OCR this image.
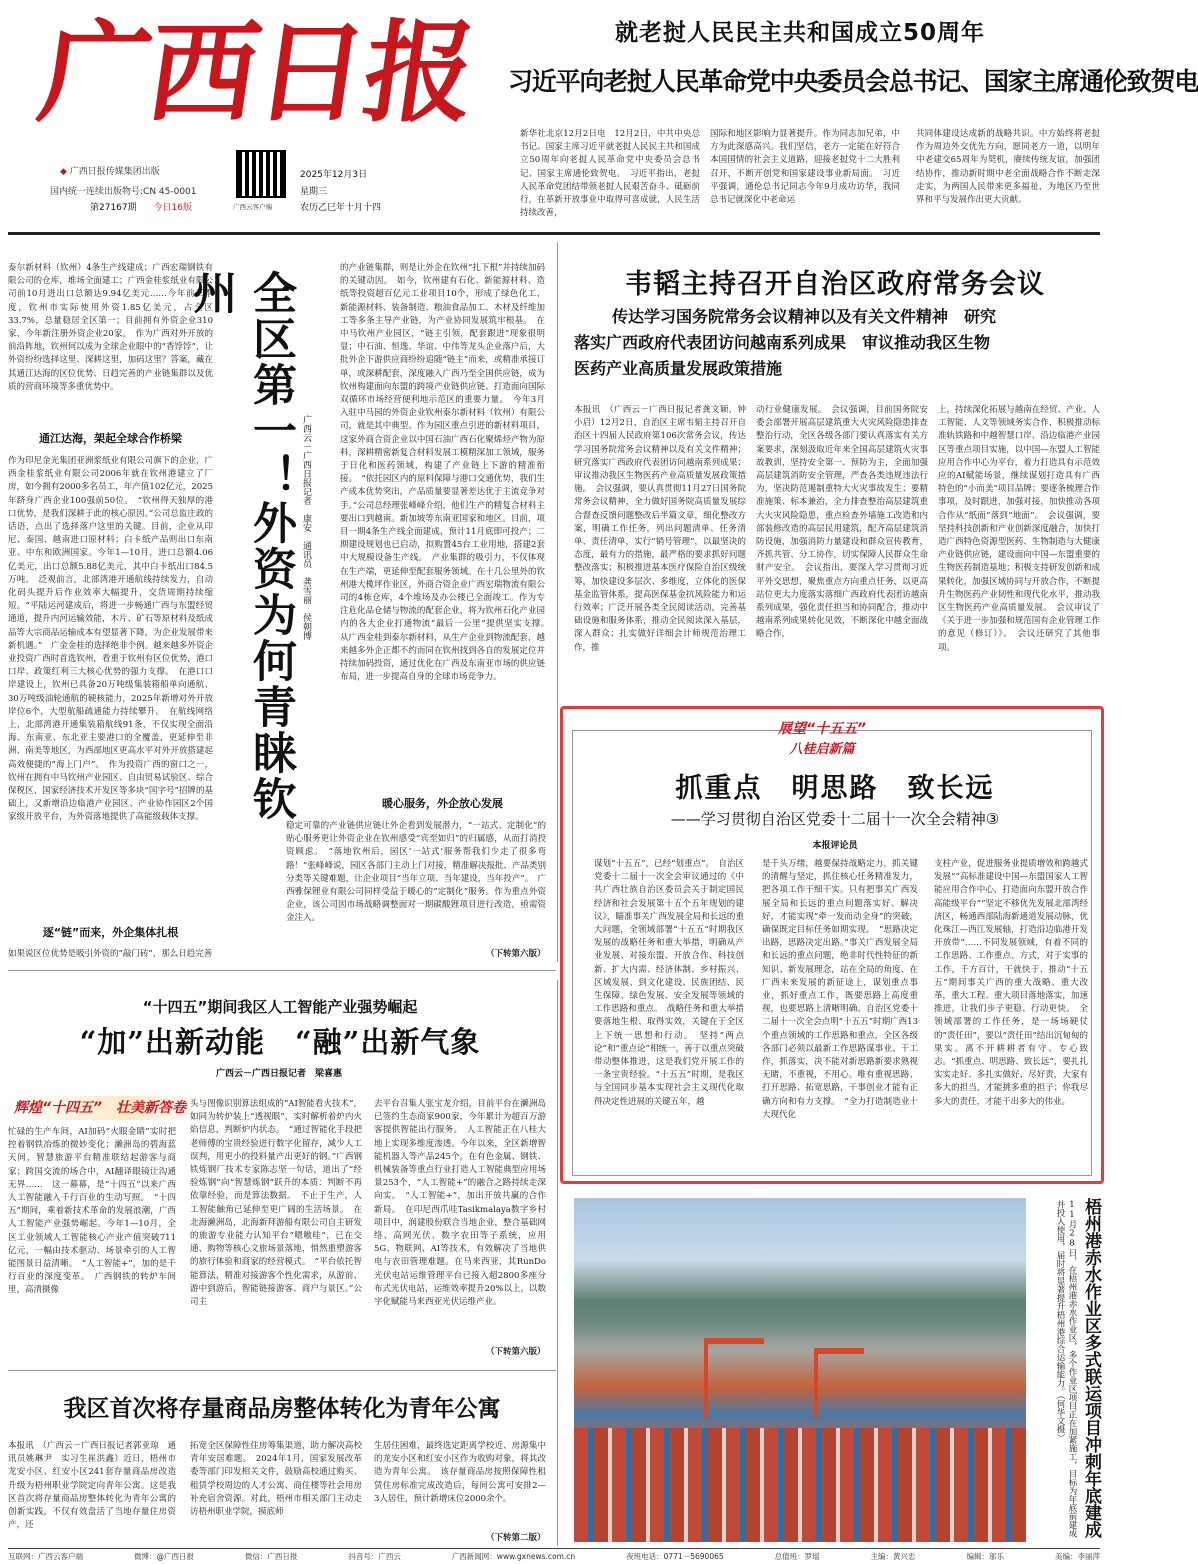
广西日报
◆ 广西日报传媒集团出版
国内统一连续出版物号:CN 45-0001
第27167期 今日16版	广西云客户端
2025年12月3日
星期三
农历乙巳年十月十四
就老挝人民民主共和国成立50周年
习近平向老挝人民革命党中央委员会总书记、国家主席通伦致贺电
新华社北京12月2日电　12月2日，中共中央总书记、国家主席习近平就老挝人民民主共和国成立50周年向老挝人民革命党中央委员会总书记、国家主席通伦致贺电。　习近平指出，老挝人民革命党团结带领老挝人民艰苦奋斗、砥砺前行，在革新开放事业中取得可喜成就，人民生活持续改善，
国际和地区影响力显著提升。作为同志加兄弟，中方为此深感高兴。我们坚信，老方一定能在好符合本国国情的社会主义道路，迎接老挝党十二大胜利召开，不断开创党和国家建设事业新局面。　习近平强调，通伦总书记同志今年9月成功访华，我同总书记就深化中老命运
共同体建设达成新的战略共识。中方始终将老挝作为周边外交优先方向，愿同老方一道，以明年中老建交65周年为契机，赓续传统友谊，加强团结协作，推动新时期中老全面战略合作不断走深走实，为两国人民带来更多福祉，为地区乃至世界和平与发展作出更大贡献。
泰尔新材料（钦州）4条生产线建成；广西宏瑞钢铁有限公司的仓库，堆场全面建工；广西金桂浆纸业有限公司前10月进出口总额达9.94亿美元……今年前三季度，钦州市实际使用外资1.85亿美元，占全区33.7%，总量稳居全区第一；目前拥有外资企业310家，今年新注册外资企业20家。　作为广西对外开放的前沿阵地，钦州何以成为全球企业眼中的“香饽饽”，让外资纷纷选择这里、深耕这里，加码这里？答案，藏在其通江达海的区位优势、日趋完善的产业链集群以及优质的营商环境等多重优势中。
通江达海，架起全球合作桥梁
作为印尼金光集团亚洲浆纸业有限公司旗下的企业，广西金桂浆纸业有限公司2006年就在钦州港建立了厂房，如今拥有2000多名员工，年产值102亿元，2025年跻身广西企业100强前50位。　“钦州得天独厚的港口优势，是我们深耕于此的核心原因。”公司总监庄政的话语，点出了选择落户这里的关键。目前，企业从印尼、泰国、越南进口原材料；白卡纸产品则出口东南亚、中东和欧洲国家。今年1—10月，进口总额4.06亿美元，出口总额5.88亿美元，其中白卡纸出口84.5万吨。　泛观前言，北部湾港开通航线持续发力，自动化码头提升后作业效率大幅提升，交货周期持续缩短。“平陆运河建成后，将进一步畅通广西与东盟经贸通道，提升内河运输效能，木片、矿石等原材料及纸成品等大宗商品运输成本有望显著下降，为企业发展带来新机遇。”　广金金桂的选择绝非个例。越来越多外资企业投资广西时首选钦州，看重于钦州有区位优势，港口口岸、政策红利三大核心优势的强力支撑。　在港口口岸建设上，钦州已具备20万吨级集装箱船单向通航、30万吨级油轮通航的硬核能力，2025年新增对外开放岸位6个，大型航船疏通能力持续攀升。　在航线网络上，北部湾港开通集装箱航线91条，不仅实现全面沿海、东南亚、东北亚主要港口的全覆盖，更延伸至非洲、南美等地区，为西部地区更高水平对外开放搭建起高效便捷的“海上门户”。　作为投资广西的窗口之一，钦州在拥有中马钦州产业园区、自由贸易试验区、综合保税区、国家经济技术开发区等多块“国字号”招牌的基础上，又新增沿边临港产业园区、产业协作园区2个国家级开放平台，为外资落地提供了高能级载体支撑。
逐“链”而来，外企集体扎根
如果说区位优势是吸引外资的“敲门砖”，那么日趋完善
全区第一！外资为何青睐钦州
广西云－广西日报记者　康安　通讯员　龚雪丽　侯朝博
的产业链集群，则是让外企在钦州“扎下根”并持续加码的关键动因。　如今，钦州建有石化、新能源材料、造纸等投资超百亿元工业项目10个，形成了绿色化工、新能源材料、装备制造、粮油食品加工、木材及纤维加工等多条主导产业链，为产业协同发展筑牢根基。　在中马钦州产业园区，“链主引领，配套跟进”现象很明显；中石油、恒逸、华谊、中伟等龙头企业落户后，大批外企下游供应商纷纷追随“链主”而来，或精准承接订单，或深耕配套，深度融入广西乃至全国供应链，成为钦州构建面向东盟的跨境产业链供应链、打造面向国际双循环市场经营便利地示范区的重要力量。　今年3月入驻中马园的外资企业钦州泰尔新材料（钦州）有限公司，就是其中典型。作为园区重点引进的新材料项目，这家外商合资企业以中国石油广西石化聚烯烃产物为原料，深耕精密新复合材料发展工模精深加工领域，服务于日化和医药领域，构建了产业链上下游的精准衔接。　“依托园区内的原料保障与港口交通优势，我们生产成本优势突出，产品质量要显著差达优于主流竞争对手。”公司总经理张峰峰介绍，他们生产的精复合材料主要出口到越南。新加坡等东南亚国家和地区。目前，项目一期4条生产线全面建成，预计11月底即可投产；二期建设规划也已启动，拟购置45台工业用地，搭建2套中大规模设备生产线。　产业集群的吸引力，不仅体现在生产端，更延伸至配套服务领域。在十几公里外的钦州港大榄坪作业区，外商合资企业广西宏瑞物流有限公司的4栋仓库，4个堆场及办公楼已全面竣工。作为专注危化品仓储与物流的配套企业，将为钦州石化产业园内的各大企业打通物流“最后一公里”提供坚实支撑。　从广西金桂到泰尔新材料，从生产企业到物流配套，越来越多外企正都不约而同在钦州找到各自的发展定位并持续加码投资，通过优化在广西及东南亚市场的供应链布局，进一步提高自身的全球市场竞争力。
暖心服务，外企放心发展
稳定可靠的产业链供应链让外企看到发展潜力，“一站式、定制化”的贴心服务更让外资企业在钦州感受“宾至如归”的归属感，从而打消投资顾虑。　“落地钦州后，园区‘一站式’服务帮我们少走了很多弯路！”张峰峰说，园区各部门主动上门对接，精准解决报批、产品类别分类等关键难题，让企业项目“当年立项、当年建设，当年投产”。　广西雅保锂业有限公司同样受益于暖心的“定制化”服务。作为重点外资企业，该公司因市场战略调整面对一期碳酸锂项目进行改造，亟需资金注入。
（下转第六版）
韦韬主持召开自治区政府常务会议
传达学习国务院常务会议精神以及有关文件精神　研究
落实广西政府代表团访问越南系列成果　审议推动我区生物
医药产业高质量发展政策措施
本报讯　（广西云－广西日报记者龚文颖、钟小启）12月2日，自治区主席韦韬主持召开自治区十四届人民政府第106次常务会议，传达学习国务院常务会议精神以及有关文件精神；研究落实广西政府代表团访问越南系列成果；审议推动我区生物医药产业高质量发展政策措施。　会议强调，要认真贯彻11月27日国务院常务会议精神，全力做好国务院高质量发展综合督查反馈问题整改后半篇文章，细化整改方案，明确工作任务，列出问题清单、任务清单、责任清单，实行“销号管理”，以最坚决的态度，最有力的措施，最严格的要求抓好问题整改落实；积极推进基本医疗保险自治区级统筹，加快建设多层次、多维度，立体化的医保基金监管体系，提高医保基金抗风险能力和运行效率；广泛开展各类全民阅读活动，完善基础设施和服务体系，推动全民阅读深入基层，深入群众；扎实做好详细会计师规范治理工作，推
动行业健康发展。　会议强调，目前国务院安委会部署开展高层建筑重大火灾风险隐患排查整治行动，全区各级各部门要认真落实有关方案要求，深刻汲取近年来全国高层建筑火灾事故教训，坚持安全第一、预防为主，全面加强高层建筑消防安全管理，严查各类违规违法行为，坚决防范遏制重特大火灾事故发生；要精准施策、标本兼治，全力排查整治高层建筑重大火灾风险隐患，重点检查外墙施工改造和内部装修改造的高层民用建筑，配齐高层建筑消防设施，加强消防力量建设和群众宣传教育，齐抓共管、分工协作，切实保障人民群众生命财产安全。　会议指出，要深入学习贯彻习近平外交思想，聚焦重点方向重点任务，以更高站位更大力度落实落细广西政府代表团访越南系列成果，强化责任担当和协同配合，推动中越南系列成果转化见效，不断深化中越全面战略合作，
上，持续深化拓展与越南在经贸、产业、人工智能、人文等领域务实合作，积极推动标准轨铁路和中越智慧口岸、沿边临港产业园区等重点项目实施，以中国—东盟人工智能应用合作中心为平台，着力打造具有示范效应的AI赋能场景，继续谋划打造具有广西特色的“小而美”项目品牌；要逐条梳理合作事项，及时跟进，加强对接，加快推动各项合作从“纸面”落到“地面”。　会议强调，要坚持科技创新和产业创新深度融合，加快打造广西特色资源型医药、生物制造与大健康产业链供应链，建设面向中国—东盟重要的生物医药制造基地；积极支持研发创新和成果转化，加强区域协同与开放合作，不断提升生物医药产业韧性和现代化水平，推动我区生物医药产业高质量发展。　会议审议了《关于进一步加强和规范国有企业管理工作的意见（修订）》。　会议还研究了其他事项。
展望“十五五”
八桂启新篇
抓重点　明思路　致长远
——学习贯彻自治区党委十二届十一次全会精神③
本报评论员
谋划“十五五”，已经“划重点”。　自治区党委十二届十一次全会审议通过的《中共广西壮族自治区委员会关于制定国民经济和社会发展第十五个五年规划的建议》，瞄准事关广西发展全局和长远的重大问题，全领域部署“十五五”时期我区发展的战略任务和重大举措，明确从产业发展、对接东盟、开放合作、科技创新、扩大内需、经济体制、乡村振兴、区域发展、到文化建设、民族团结、民生保障、绿色发展、安全发展等领域的工作思路和重点。　战略任务和重大举措要落地生根、取得实效，关键在于全区上下统一思想和行动。　坚持“两点论”和“重点论”相统一，善于以重点突破带动整体推进，这是我们党开展工作的一条宝贵经验。“十五五”时期，是我区与全国同步基本实现社会主义现代化取得决定性进展的关键五年，越
是千头万绪，越要保持战略定力，抓关键的清醒与坚定，抓住核心任务精准发力，把各项工作干细干实。只有把事关广西发展全局和长远的重点问题落实好、解决好，才能实现“牵一发而动全身”的突破，确保既定目标任务如期实现。　“思路决定出路，思路决定出路。”事关广西发展全局和长远的重点问题，绝非时代性特征的新知识、新发展理念，站在全局的角度、在广西未来发展的新征途上，谋划重点事业，抓好重点工作，既要思路上高度重视，也要思路上清晰明确。自治区党委十二届十一次全会点明“十五五”时期广西13个重点领域的工作思路和重点，全区各级各部门必须以最新工作思路谋事业、干工作，抓落实，决不能对新思路新要求熟视无睹，不重视，不用心。唯有重视思路、打开思路、拓宽思路，干事创业才能有正确方向和有力支撑。　“全力打造制造业十大现代化
支柱产业，促进服务业提质增效和跨越式发展”“高标准建设中国—东盟国家人工智能应用合作中心，打造面向东盟开放合作高能级平台”“坚定不移优先发展北部湾经济区，畅通西部陆海新通道发展动脉，优化珠江—西江发展轴，打造沿边临港开发开放带”……不同发展领域，有着不同的工作思路、工作重点、方式，对于实事的工作，千方百计，干就快于、推动“十五五”期间事关广西的重大战略、重大改革，重大工程、重大项目落地落实，加速推进，让我们步子更稳、行动更快。　全领域部署的工作任务，是一场场硬仗的“责任田”，要以“责任田”结出沉甸甸的果实。离不开耕耕者有守、专心致志。“抓重点、明思路、致长远”，要扎扎实实走好、多扎实做好、尽好责，大家有多大的担当，才能挑多重的担子；你我尽多大的责任，才能干出多大的伟业。
“十四五”期间我区人工智能产业强势崛起
“加”出新动能　“融”出新气象
广西云－广西日报记者　梁喜惠
辉煌“十四五”　壮美新答卷
忙碌的生产车间，AI加码“火眼金睛”实时把控着钢铁冶炼的微妙变化；濑洲岛的碧海蓝天间，智慧旅游平台精准联结起游客与商家；跨国交流的场合中，AI翻译眼镜让沟通无界……　这一幕幕，是“十四五”以来广西人工智能融入千行百业的生动写照。　“十四五”期间，乘着新技术革命的发展浪潮，广西人工智能产业强势崛起。今年1—10月，全区工业领域人工智能核心产业产值突破711亿元，一幅由技术驱动、场景牵引的人工智能图景日益清晰。　“人工智能+”，加的是千行百业的深度变革。　广西钢铁的转炉车间里，高清摄像
头与图像识别算法组成的“AI智能看火技术”，如同为转炉装上“透视眼”，实时解析着炉内火焰信息，判断炉内状态。　“通过智能化手段把老师傅的宝贵经验进行数字化留存，减少人工误判，用更小的投料量产出更好的钢。”广西钢铁炼钢厂技术专家陈志坚一句话，道出了“经验炼钢”向“智慧炼钢”跃升的本质：判断不再依靠经验，而是算法数据。　不止于生产，人工智能触角已延伸至更广阔的生活场景。　在北海濑洲岛，北海新拜游船有限公司自主研发的旅游专业能力认知平台“嗯嗷哇”，已在交通、购物等核心文旅场景落地，悄然重塑游客的旅行体验和商家的经营模式。　“平台依托智能算法，精准对接游客个性化需求，从游前、游中到游后，智能链接游客、商户与景区。”公司主
去平台召集人张宝龙介绍，目前平台在濑洲岛已签约生态商家900家，今年累计为超百万游客提供智能出行服务。　人工智能正在八桂大地上实现多维度渗透。今年以来，全区新增智能机器人等产品245个，在有色金属、钢铁、机械装备等重点行业打造人工智能典型应用场景253个，“人工智能+”的融合之路持续走深向实。　“人工智能+”，加出开放共赢的合作新局。　在印尼西爪哇Tasikmalaya数字乡村项目中，润建股份联合当地企业，整合基础网络、高网光伏、数字农田等子系统，应用5G、物联网、AI等技术，有效解决了当地供电与农田管理难题。在马来西亚，其RunDo光伏电站运维管理平台已接入超2800多座分布式光伏电站，运维效率提升20%以上，以数字化赋能马来西亚光伏运维产业。
（下转第六版）
我区首次将存量商品房整体转化为青年公寓
本报讯　（广西云－广西日报记者郭亚琼　通讯员姚琳尹　实习生崔洪鑫）近日，梧州市龙安小区、红安小区241套存量商品房改造升级为梧州职业学院定向青年公寓。这是我区首次将存量商品房整体转化为青年公寓的创新实践，不仅有效盘活了当地存量住房资产，还
拓宽全区保障性住房筹集渠道，助力解决高校青年安居难题。　2024年1月，国家发展改革委等部门印发相关文件，鼓励高校通过购买、租赁学校周边的人才公寓、商住楼等社会用房补充宿舍资源。对此，梧州市相关部门主动走访梧州职业学院，摸底师
生居住困难，最终选定距离学校近、房源集中的龙安小区和红安小区作为收购对象，将其改造为青年公寓。　该存量商品房按照保障性租赁住房标准完成改造后，每间公寓可安排2—3人居住，预计新增床位2000余个。
（下转第二版）	梧州港赤水作业区多式联运项目冲刺年底建成
11月28日，在梧州港赤水作业区，多个作业区项目正在加紧施工，目标为年底前建成并投入使用，届时将显著提升梧州港综合运输能力。（何华文摄）
互联网：广西云客户端	微博：@广西日报	微信：广西日报	抖音号：广西云	广西新闻网：www.gxnews.com.cn	夜班电话：0771－5690065	总值班：罗瑶	主编：黄兴忠	编辑：邬乐	美编：李丽萍
